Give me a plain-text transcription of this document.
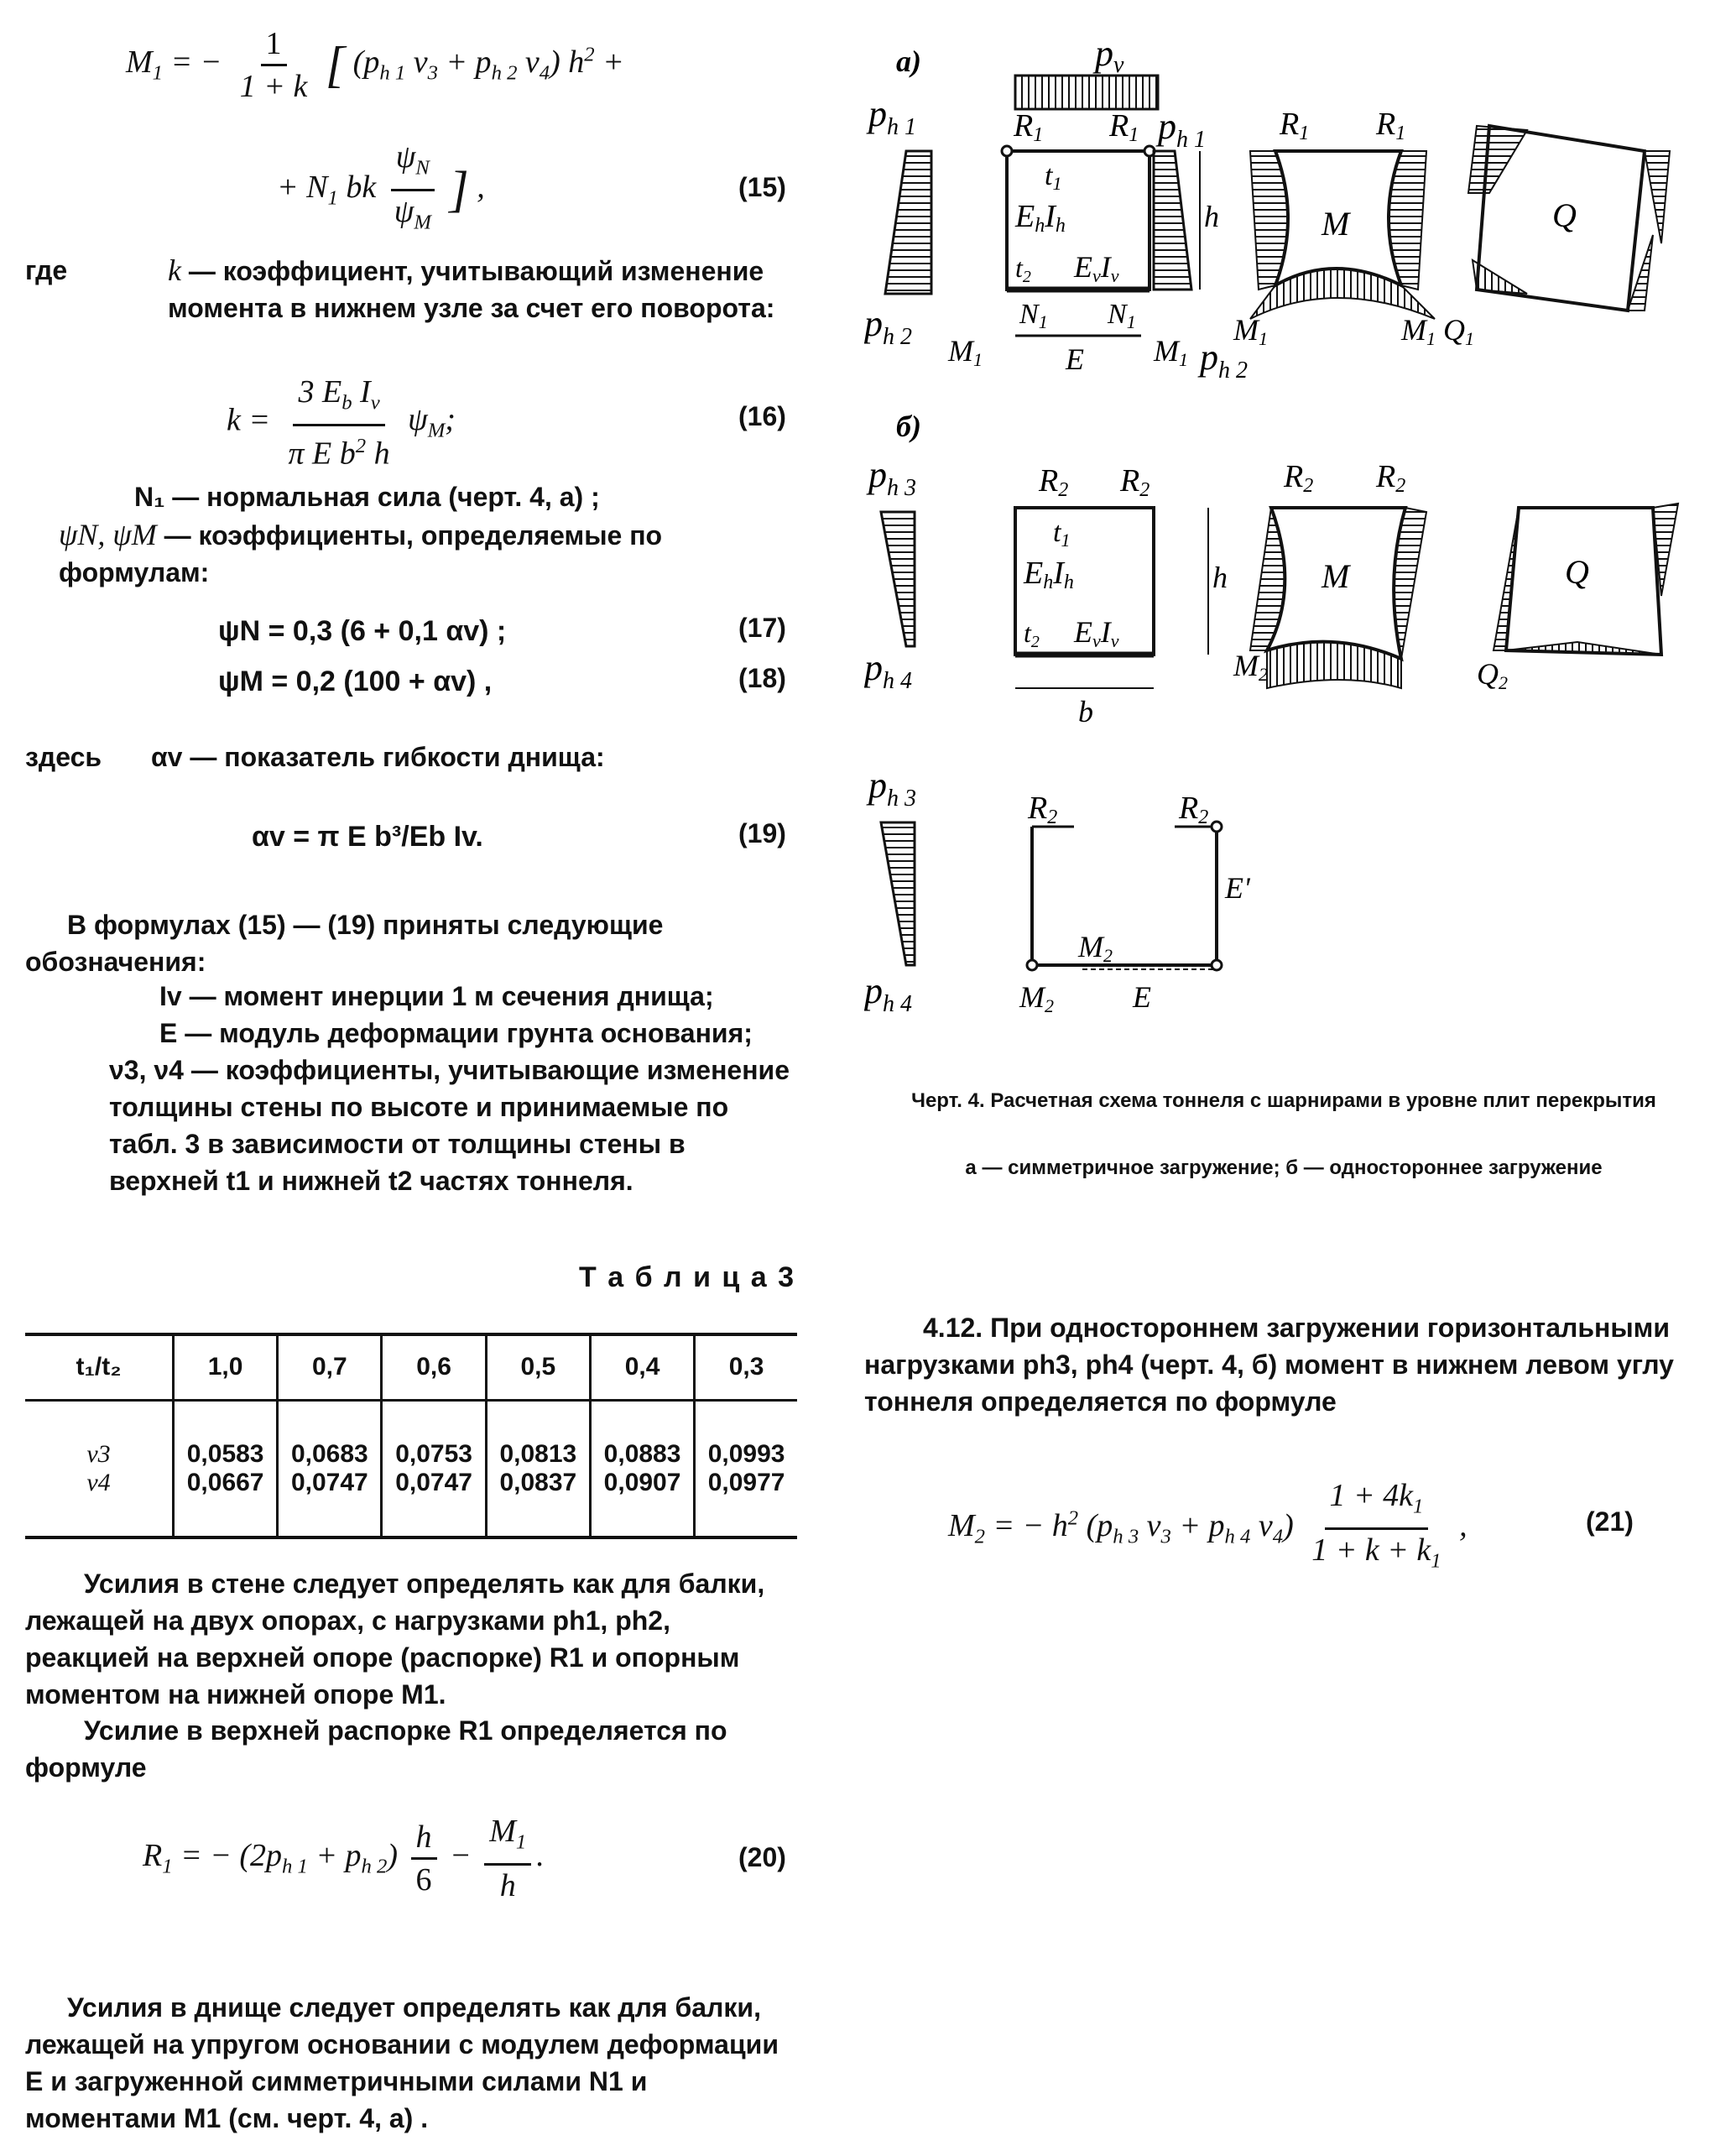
$M_1$ = − $\frac{1}{1 + k}$ [ ($p_{h 1}$ $\nu_3 + p_{h 2}$ $\nu_4$) $h^2$ +
+ $N_1$ bk $\frac{\psi_N}{\psi_M}$ ] ,	(15)
где	k — коэффициент, учитывающий изменение момента в нижнем узле за счет его поворота:
$k = \frac{3 E_b I_v}{\pi E b^2 h} \psi_M$;	(16)
N₁ — нормальная сила (черт. 4, а) ;
ψN, ψM — коэффициенты, определяемые по формулам:
ψN = 0,3 (6 + 0,1 αv) ;	(17)
ψM = 0,2 (100 + αv) ,	(18)
здесь αv — показатель гибкости днища:
αv = π E b³/Eb Iv.	(19)
В формулах (15) — (19) приняты следующие обозначения:
Iv — момент инерции 1 м сечения днища;
E — модуль деформации грунта основания;
ν3, ν4 — коэффициенты, учитывающие изменение толщины стены по высоте и принимаемые по табл. 3 в зависимости от толщины стены в верхней t1 и нижней t2 частях тоннеля.
Т а б л и ц а 3
t₁/t₂	1,0	0,7	0,6	0,5	0,4	0,3
ν3	0,0583	0,0683	0,0753	0,0813	0,0883	0,0993
ν4	0,0667	0,0747	0,0747	0,0837	0,0907	0,0977
Усилия в стене следует определять как для балки, лежащей на двух опорах, с нагрузками ph1, ph2, реакцией на верхней опоре (распорке) R1 и опорным моментом на нижней опоре M1.
Усилие в верхней распорке R1 определяется по формуле
$R_1$ = − $(2p_{h 1} + p_{h 2}) \frac{h}{6} - \frac{M_1}{h}$ .	(20)
Усилия в днище следует определять как для балки, лежащей на упругом основании с модулем деформации E и загруженной симметричными силами N1 и моментами M1 (см. черт. 4, а) .
а)	pv
$p_{h 1}$
$p_{h 2}$
R1 R1
t1
EhIh
t2 EvIv
N1 N1
E
M1	M1
h
$p_{h 1}$
$p_{h 2}$
R1 R1
M
M1	M1
Q
Q1
б)
$p_{h 3}$
$p_{h 4}$
R2 R2
t1
EhIh
t2 EvIv
b
h
R2 R2
M
M2
Q
Q2
$p_{h 3}$
$p_{h 4}$
R2	R2
E'
M2
M2	E
Черт. 4. Расчетная схема тоннеля с шарнирами в уровне плит перекрытия
а — симметричное загружение; б — одностороннее загружение
4.12. При одностороннем загружении горизонтальными нагрузками ph3, ph4 (черт. 4, б) момент в нижнем левом углу тоннеля определяется по формуле
$M_2$ = − $h^2$ ($p_{h 3}$ $\nu_3 + p_{h 4}$ $\nu_4) \frac{1 + 4k_1}{1 + k + k_1}$ ,	(21)
